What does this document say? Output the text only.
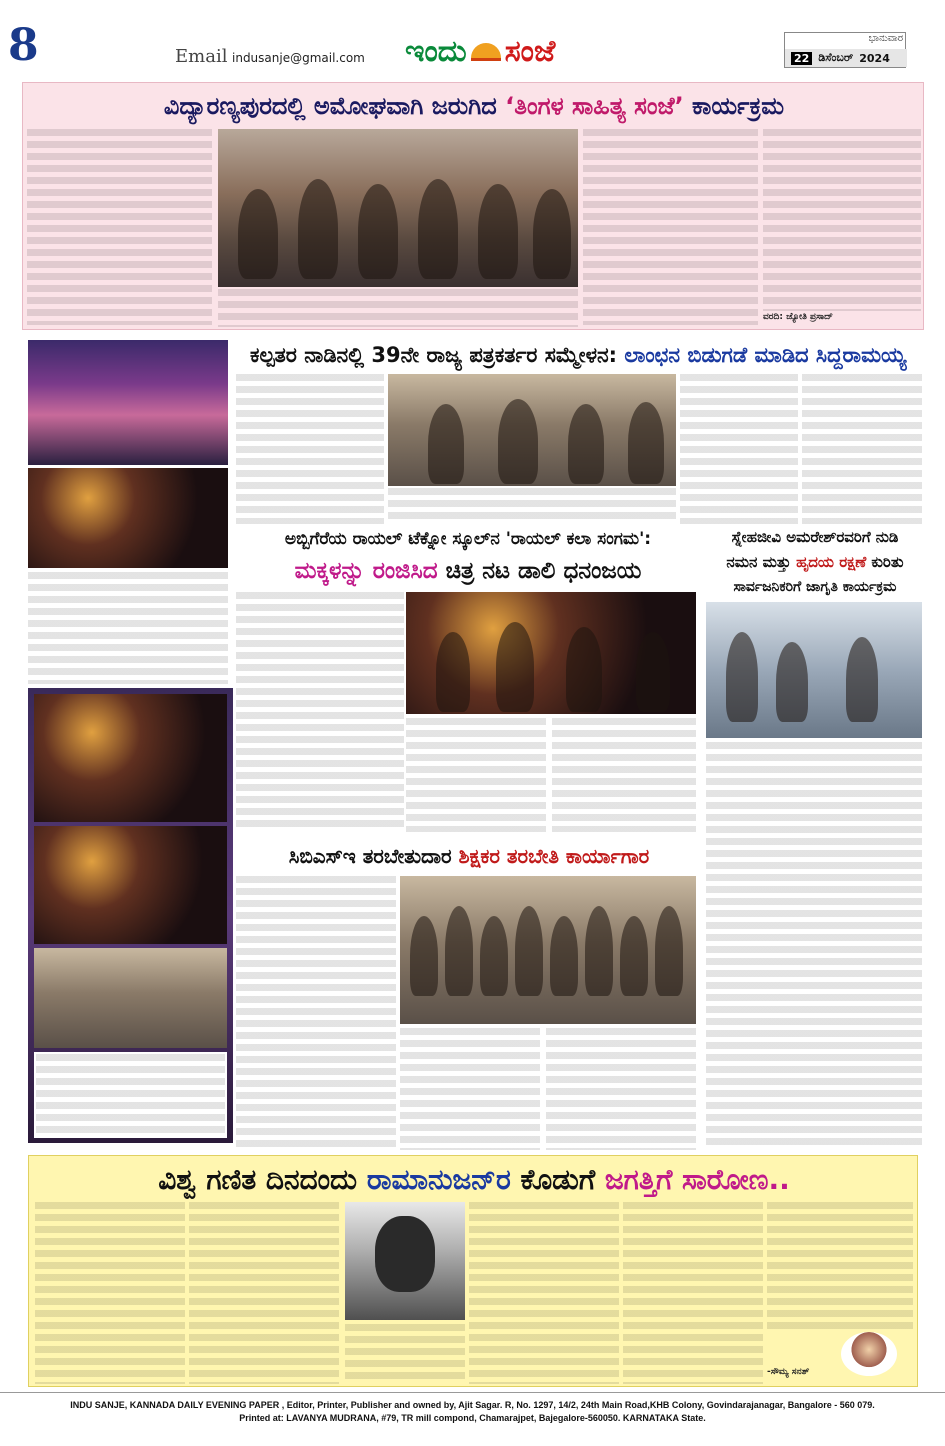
8	Email indusanje@gmail.com ಇಂದು ಸಂಜೆ	ಭಾನುವಾರ
22 ಡಿಸೆಂಬರ್ 2024
ವಿದ್ಯಾರಣ್ಯಪುರದಲ್ಲಿ ಅಮೋಘವಾಗಿ ಜರುಗಿದ ‘ತಿಂಗಳ ಸಾಹಿತ್ಯ ಸಂಜೆ’ ಕಾರ್ಯಕ್ರಮ
ವರದಿ: ಜ್ಯೋತಿ ಪ್ರಸಾದ್
ಕಲ್ಪತರ ನಾಡಿನಲ್ಲಿ 39ನೇ ರಾಜ್ಯ ಪತ್ರಕರ್ತರ ಸಮ್ಮೇಳನ: ಲಾಂಛನ ಬಿಡುಗಡೆ ಮಾಡಿದ ಸಿದ್ದರಾಮಯ್ಯ
ಅಬ್ಬಿಗೆರೆಯ ರಾಯಲ್ ಟೆಕ್ನೋ ಸ್ಕೂಲ್‌ನ 'ರಾಯಲ್ ಕಲಾ ಸಂಗಮ':
ಮಕ್ಕಳನ್ನು ರಂಜಿಸಿದ ಚಿತ್ರ ನಟ ಡಾಲಿ ಧನಂಜಯ
ಸ್ನೇಹಜೀವಿ ಅಮರೇಶ್‌ರವರಿಗೆ ನುಡಿ
ನಮನ ಮತ್ತು ಹೃದಯ ರಕ್ಷಣೆ ಕುರಿತು
ಸಾರ್ವಜನಿಕರಿಗೆ ಜಾಗೃತಿ ಕಾರ್ಯಕ್ರಮ
ಸಿಬಿಎಸ್‌ಇ ತರಬೇತುದಾರ ಶಿಕ್ಷಕರ ತರಬೇತಿ ಕಾರ್ಯಾಗಾರ
ವಿಶ್ವ ಗಣಿತ ದಿನದಂದು ರಾಮಾನುಜನ್‌ರ ಕೊಡುಗೆ ಜಗತ್ತಿಗೆ ಸಾರೋಣ..
-ಸೌಮ್ಯ ಸನತ್
INDU SANJE, KANNADA DAILY EVENING PAPER , Editor, Printer, Publisher and owned by, Ajit Sagar. R, No. 1297, 14/2, 24th Main Road,KHB Colony, Govindarajanagar, Bangalore - 560 079.
Printed at: LAVANYA MUDRANA, #79, TR mill compond, Chamarajpet, Bajegalore-560050. KARNATAKA State.
